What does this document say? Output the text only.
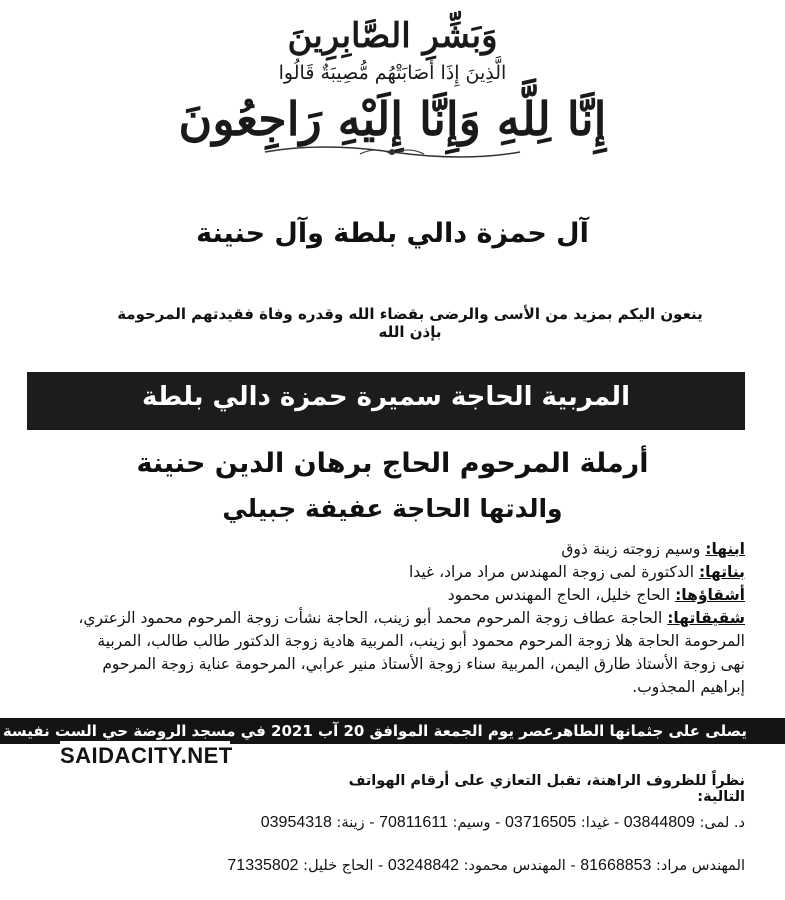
وَبَشِّرِ الصَّابِرِينَ
الَّذِينَ إِذَا أَصَابَتْهُم مُّصِيبَةٌ قَالُوا
إِنَّا لِلَّهِ وَإِنَّا إِلَيْهِ رَاجِعُونَ
آل حمزة دالي بلطة وآل حنينة
ينعون اليكم بمزيد من الأسى والرضى بقضاء الله وقدره وفاة فقيدتهم المرحومة بإذن الله
المربية الحاجة سميرة حمزة دالي بلطة
أرملة المرحوم الحاج برهان الدين حنينة
والدتها الحاجة عفيفة جبيلي
ابنها: وسيم زوجته زينة ذوق
بناتها: الدكتورة لمى زوجة المهندس مراد مراد، غيدا
أشقاؤها: الحاج خليل، الحاج المهندس محمود
شقيقاتها: الحاجة عطاف زوجة المرحوم محمد أبو زينب، الحاجة نشأت زوجة المرحوم محمود الزعتري،
المرحومة الحاجة هلا زوجة المرحوم محمود أبو زينب، المربية هادية زوجة الدكتور طالب طالب، المربية
نهى زوجة الأستاذ طارق اليمن، المربية سناء زوجة الأستاذ منير عرابي، المرحومة عناية زوجة المرحوم
إبراهيم المجذوب.
يصلى على جثمانها الطاهرعصر يوم الجمعة الموافق 20 آب 2021 في مسجد الروضة حي الست نفيسة
SAIDACITY.NET
نظراً للظروف الراهنة، تقبل التعازي على أرقام الهواتف التالية:
د. لمى: 03844809 - غيدا: 03716505 - وسيم: 70811611 - زينة: 03954318
المهندس مراد: 81668853 - المهندس محمود: 03248842 - الحاج خليل: 71335802
